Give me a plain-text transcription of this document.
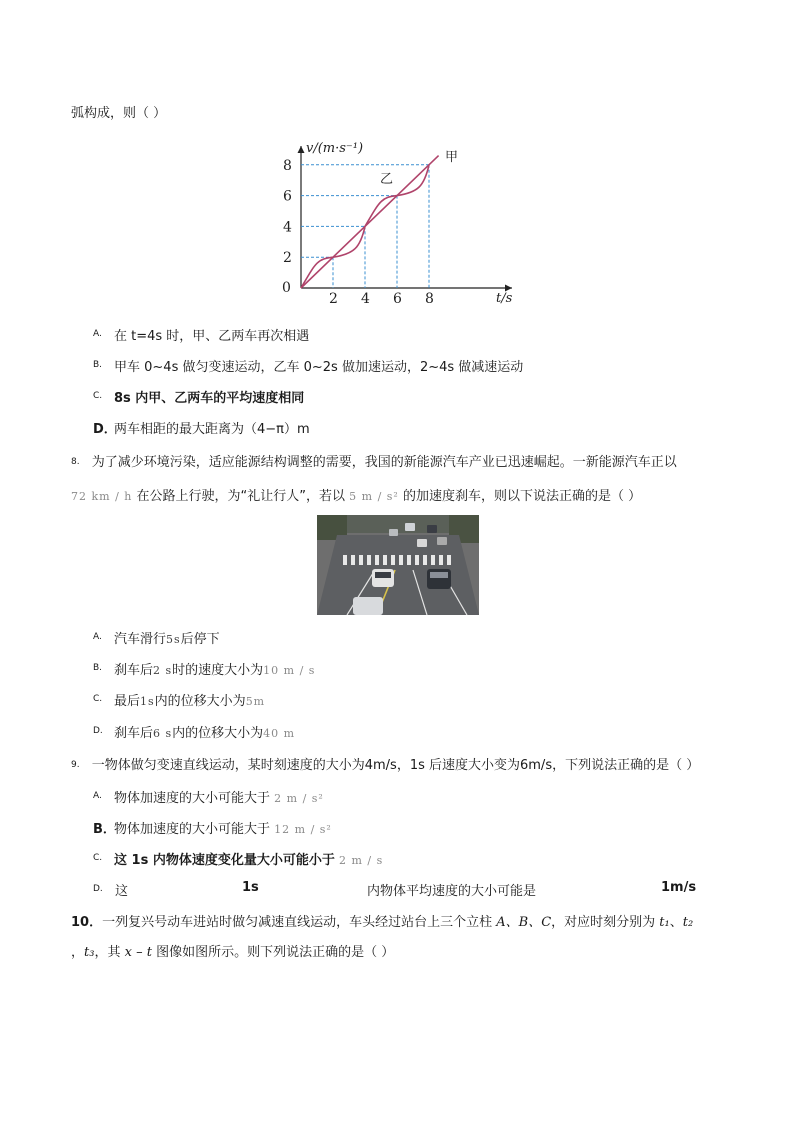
弧构成，则（ ）
v/(m·s⁻¹)
t/s
0
2
4
6
8
2 4 6 8
甲
乙
A. 在 t=4s 时，甲、乙两车再次相遇
B. 甲车 0~4s 做匀变速运动，乙车 0~2s 做加速运动，2~4s 做减速运动
C. 8s 内甲、乙两车的平均速度相同
D．
两车相距的最大距离为（4−π）m
8. 为了减少环境污染，适应能源结构调整的需要，我国的新能源汽车产业已迅速崛起。一新能源汽车正以
72 km / h 在公路上行驶，为“礼让行人”，若以 5 m / s² 的加速度刹车，则以下说法正确的是（ ）
A. 汽车滑行5s后停下
B. 刹车后2 s时的速度大小为10 m / s
C. 最后1s内的位移大小为5m
D. 刹车后6 s内的位移大小为40 m
9. 一物体做匀变速直线运动，某时刻速度的大小为4m/s，1s 后速度大小变为6m/s，下列说法正确的是（ ）
A. 物体加速度的大小可能大于 2 m / s²
B．
物体加速度的大小可能大于 12 m / s²
C. 这 1s 内物体速度变化量大小可能小于 2 m / s
D. 这	1s	内物体平均速度的大小可能是	1m/s
10．一列复兴号动车进站时做匀减速直线运动，车头经过站台上三个立柱 A、B、C，对应时刻分别为 t₁、t₂
，t₃，其 x – t 图像如图所示。则下列说法正确的是（ ）
